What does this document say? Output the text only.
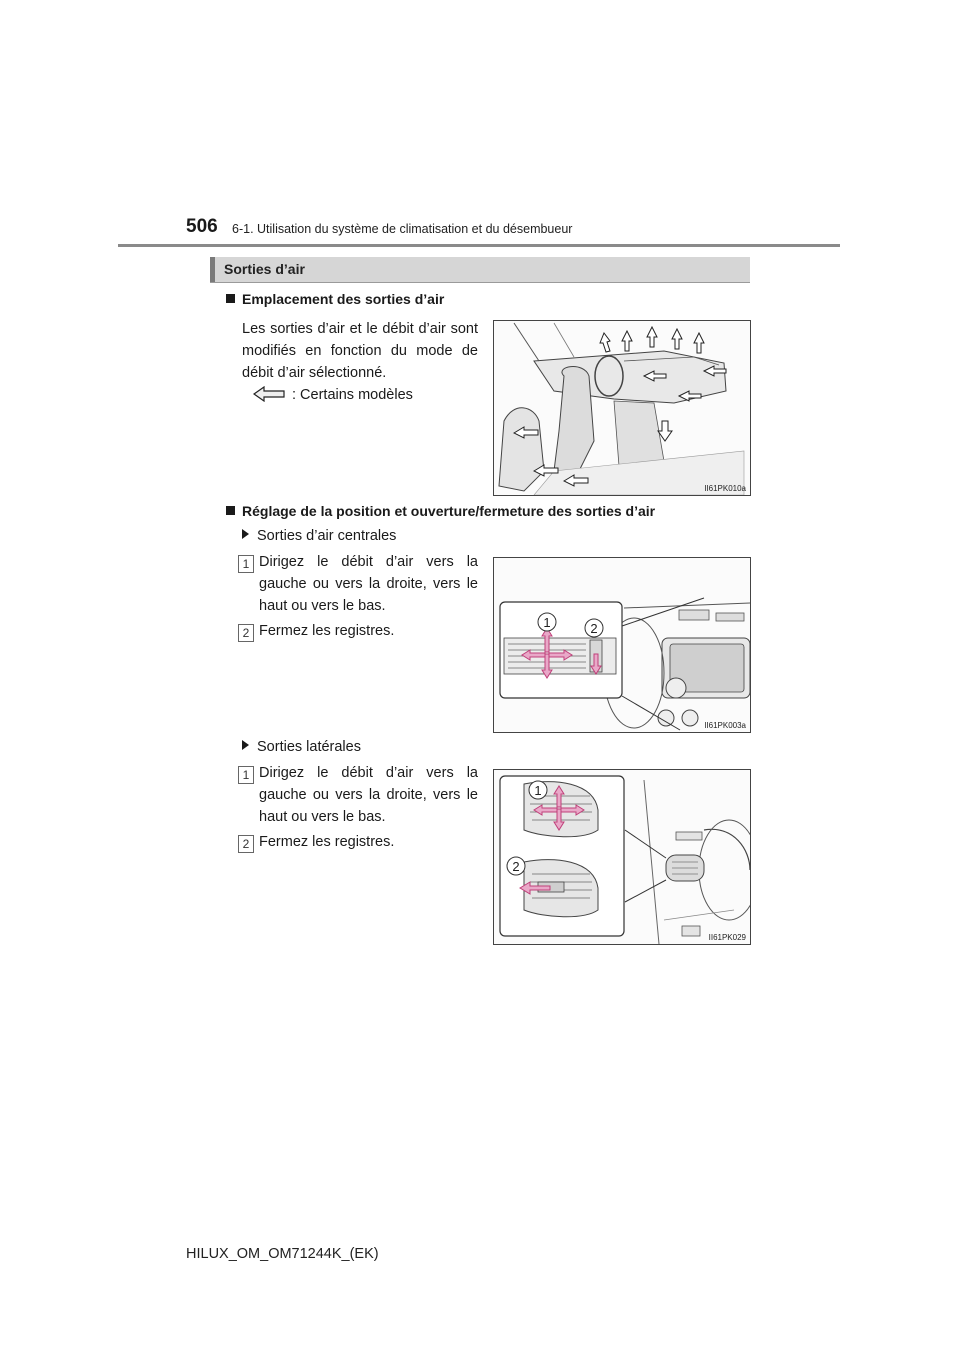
506 6-1. Utilisation du système de climatisation et du désembueur
Sorties d’air
Emplacement des sorties d’air
Les sorties d’air et le débit d’air sont modifiés en fonction du mode de débit d’air sélectionné.
: Certains modèles
II61PK010a
Réglage de la position et ouverture/fermeture des sorties d’air
Sorties d’air centrales
1 Dirigez le débit d’air vers la gauche ou vers la droite, vers le haut ou vers le bas.
2 Fermez les registres.
1	2
II61PK003a
Sorties latérales
1 Dirigez le débit d’air vers la gauche ou vers la droite, vers le haut ou vers le bas.
2 Fermez les registres.
1
2
II61PK029
HILUX_OM_OM71244K_(EK)
